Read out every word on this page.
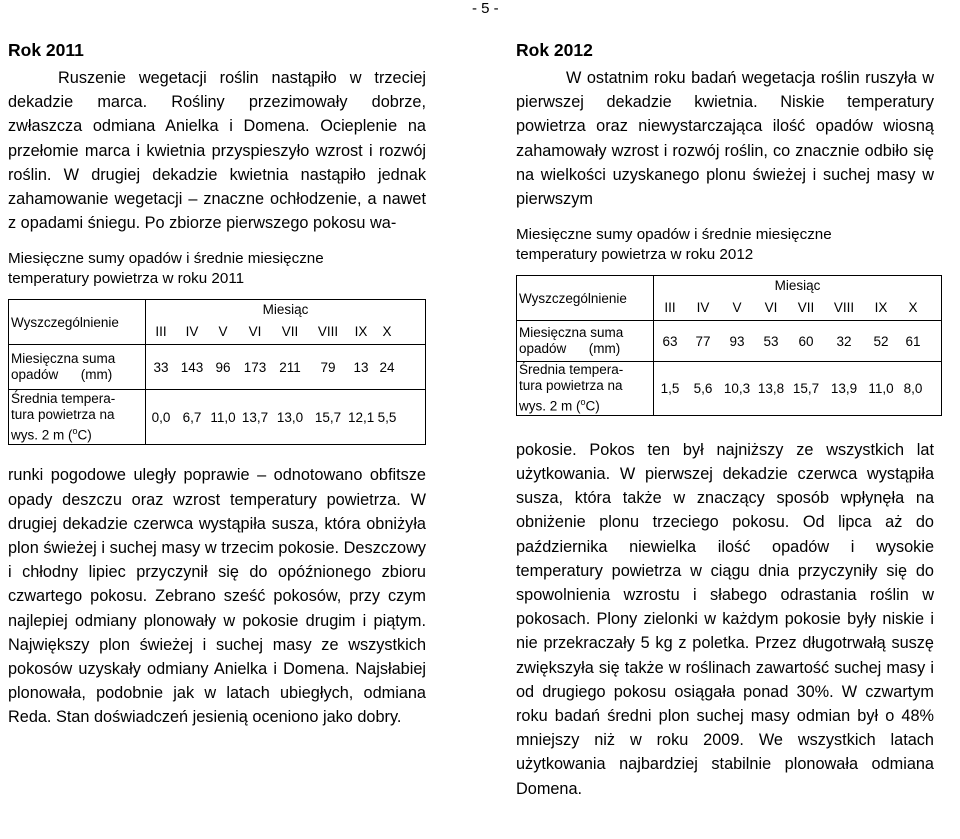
- 5 -
Rok 2011

Ruszenie wegetacji roślin nastąpiło w trzeciej dekadzie marca. Rośliny przezimowały dobrze, zwłaszcza odmiana Anielka i Domena. Ocieplenie na przełomie marca i kwietnia przyspieszyło wzrost i rozwój roślin. W drugiej dekadzie kwietnia nastąpiło jednak zahamowanie wegetacji – znaczne ochłodzenie, a nawet z opadami śniegu. Po zbiorze pierwszego pokosu wa-

Miesięczne sumy opadów i średnie miesięczne
temperatury powietrza w roku 2011
Wyszczególnienie	Miesiąc
	III IV V VI VII VIII IX X

Miesięczna suma
opadów      (mm)	33 143 96 173 211 79 13 24

Średnia tempera-
tura powietrza na
wys. 2 m ($^o$C)	0,0 6,7 11,0 13,7 13,0 15,7 12,1 5,5

runki pogodowe uległy poprawie – odnotowano obfitsze opady deszczu oraz wzrost temperatury powietrza. W drugiej dekadzie czerwca wystąpiła susza, która obniżyła plon świeżej i suchej masy w trzecim pokosie. Deszczowy i chłodny lipiec przyczynił się do opóźnionego zbioru czwartego pokosu. Zebrano sześć pokosów, przy czym najlepiej odmiany plonowały w pokosie drugim i piątym. Największy plon świeżej i suchej masy ze wszystkich pokosów uzyskały odmiany Anielka i Domena. Najsłabiej plonowała, podobnie jak w latach ubiegłych, odmiana Reda. Stan doświadczeń jesienią oceniono jako dobry.

Rok 2012

W ostatnim roku badań wegetacja roślin ruszyła w pierwszej dekadzie kwietnia. Niskie temperatury powietrza oraz niewystarczająca ilość opadów wiosną zahamowały wzrost i rozwój roślin, co znacznie odbiło się na wielkości uzyskanego plonu świeżej i suchej masy w pierwszym

Miesięczne sumy opadów i średnie miesięczne
temperatury powietrza w roku 2012
Wyszczególnienie	Miesiąc
	III IV V VI VII VIII IX X

Miesięczna suma
opadów      (mm)	63 77 93 53 60 32 52 61

Średnia tempera-
tura powietrza na
wys. 2 m ($^o$C)	1,5 5,6 10,3 13,8 15,7 13,9 11,0 8,0

pokosie. Pokos ten był najniższy ze wszystkich lat użytkowania. W pierwszej dekadzie czerwca wystąpiła susza, która także w znaczący sposób wpłynęła na obniżenie plonu trzeciego pokosu. Od lipca aż do października niewielka ilość opadów i wysokie temperatury powietrza w ciągu dnia przyczyniły się do spowolnienia wzrostu i słabego odrastania roślin w pokosach. Plony zielonki w każdym pokosie były niskie i nie przekraczały 5 kg z poletka. Przez długotrwałą suszę zwiększyła się także w roślinach zawartość suchej masy i od drugiego pokosu osiągała ponad 30%. W czwartym roku badań średni plon suchej masy odmian był o 48% mniejszy niż w roku 2009. We wszystkich latach użytkowania najbardziej stabilnie plonowała odmiana Domena.
